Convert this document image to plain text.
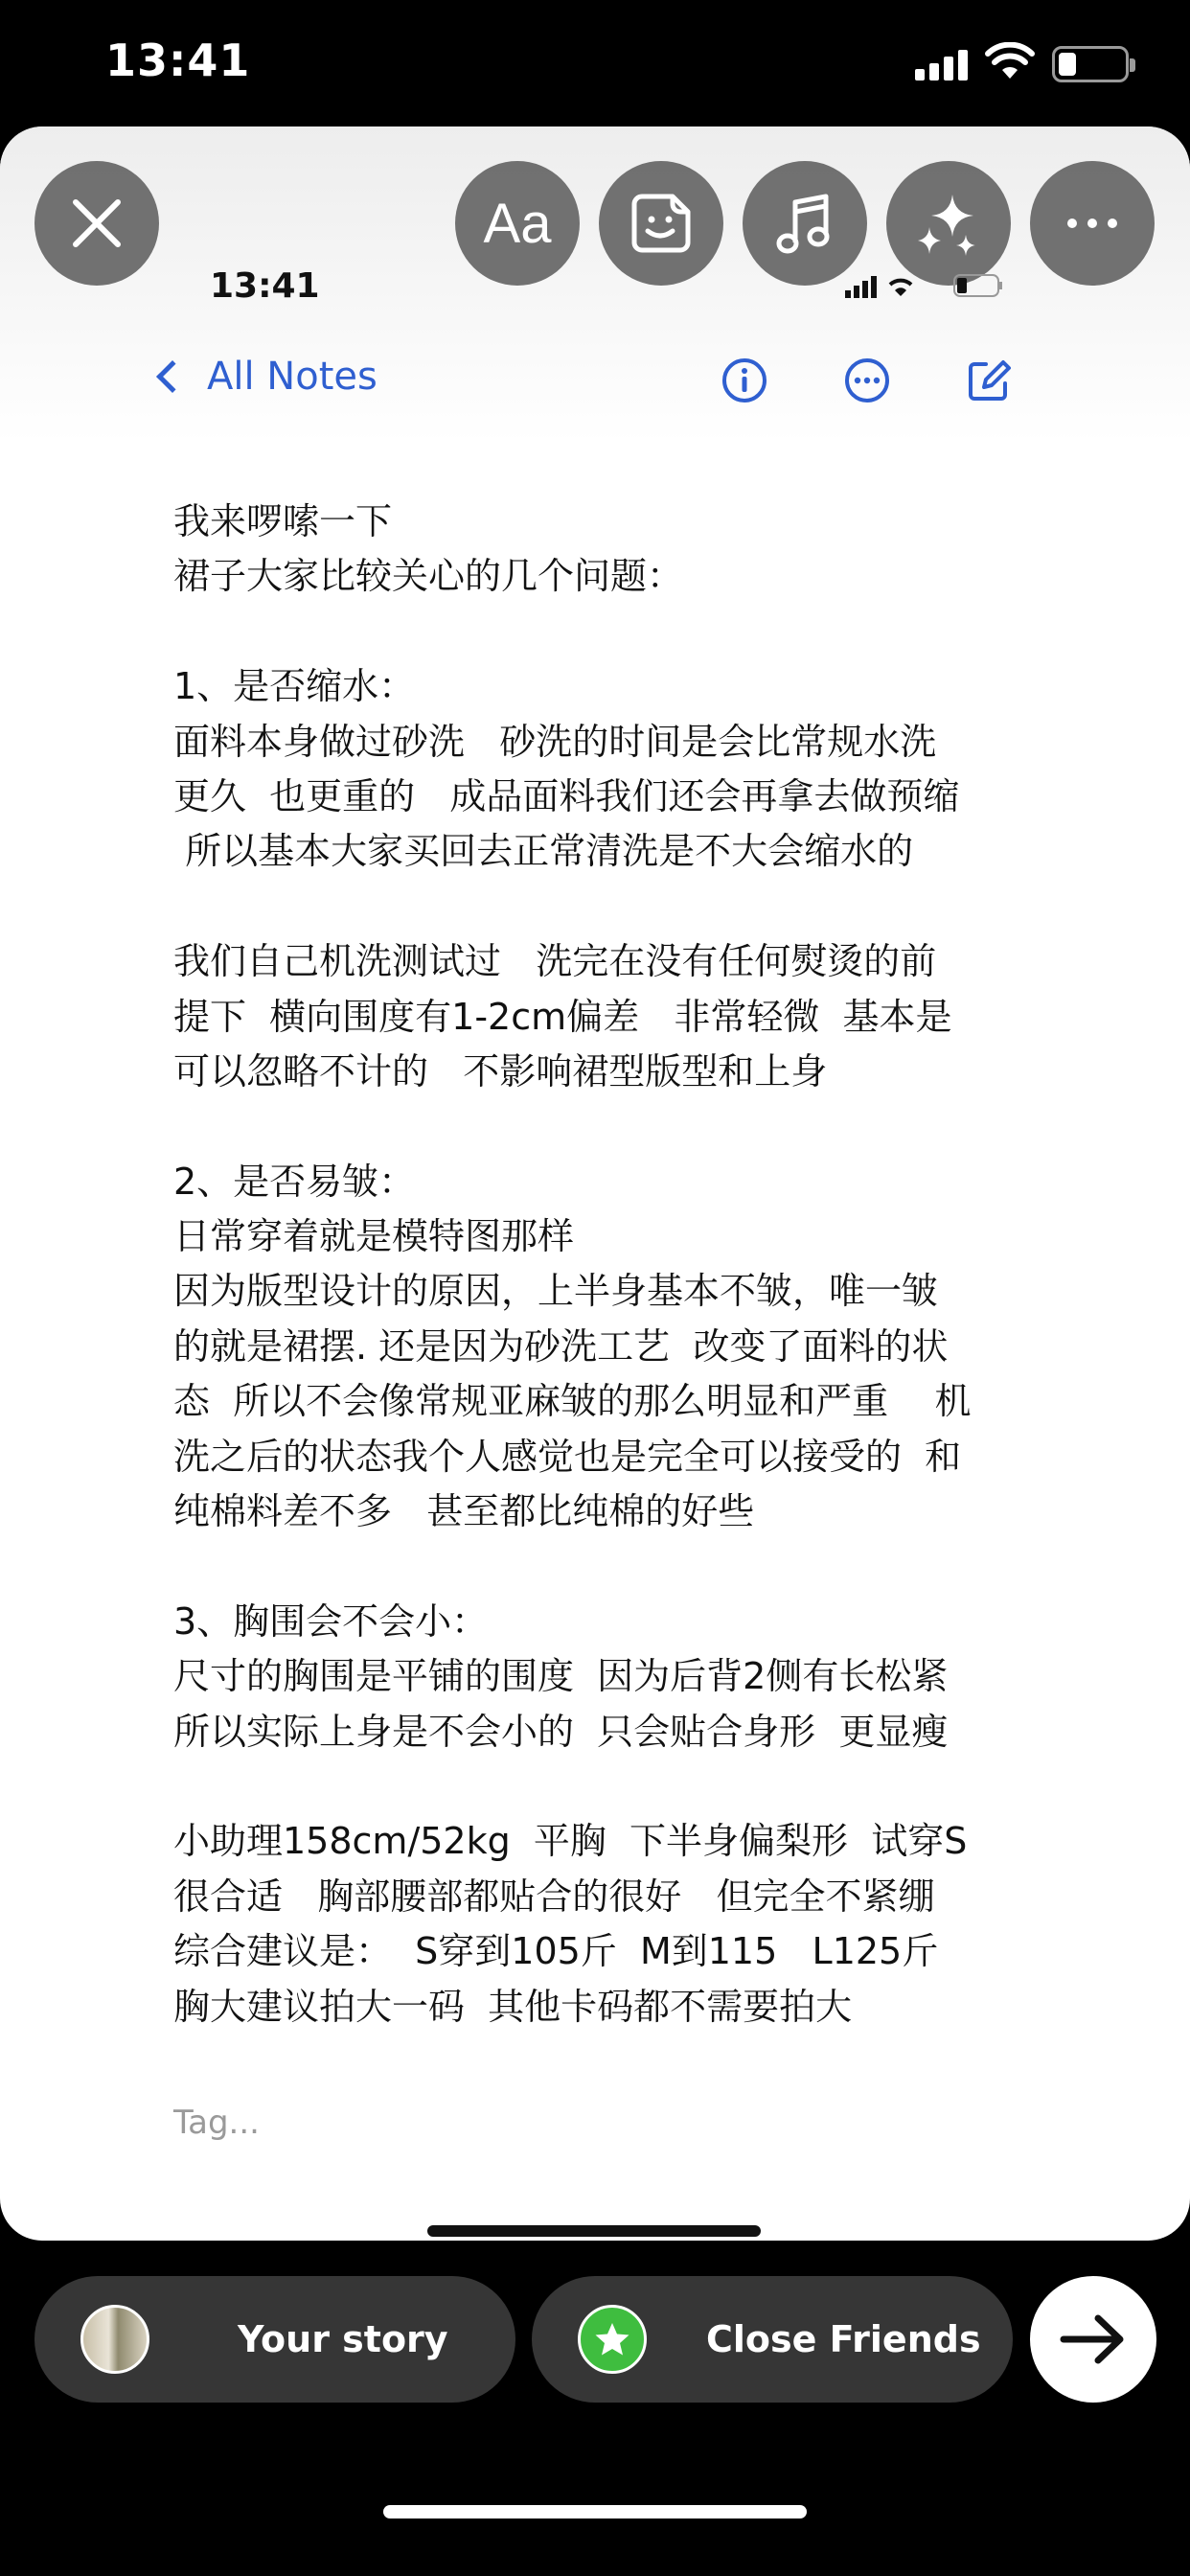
13:41
Aa
13:41
All Notes
我来啰嗦一下
裙子大家比较关心的几个问题：
1、是否缩水：
面料本身做过砂洗   砂洗的时间是会比常规水洗
更久  也更重的   成品面料我们还会再拿去做预缩
所以基本大家买回去正常清洗是不大会缩水的
我们自己机洗测试过   洗完在没有任何熨烫的前
提下  横向围度有1-2cm偏差   非常轻微  基本是
可以忽略不计的   不影响裙型版型和上身
2、是否易皱：
日常穿着就是模特图那样
因为版型设计的原因，上半身基本不皱，唯一皱
的就是裙摆. 还是因为砂洗工艺  改变了面料的状
态  所以不会像常规亚麻皱的那么明显和严重    机
洗之后的状态我个人感觉也是完全可以接受的  和
纯棉料差不多   甚至都比纯棉的好些
3、胸围会不会小：
尺寸的胸围是平铺的围度  因为后背2侧有长松紧
所以实际上身是不会小的  只会贴合身形  更显瘦
小助理158cm/52kg  平胸  下半身偏梨形  试穿S
很合适   胸部腰部都贴合的很好   但完全不紧绷
综合建议是：  S穿到105斤  M到115   L125斤
胸大建议拍大一码  其他卡码都不需要拍大
Tag...
Your story	Close Friends
